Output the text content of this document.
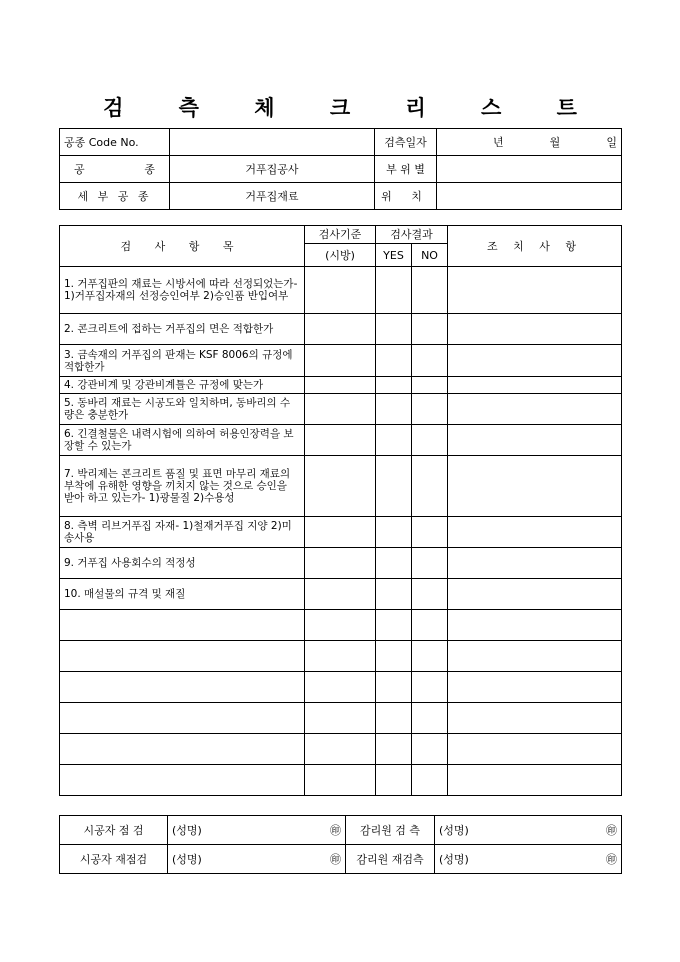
검 측 체 크 리 스 트
공종 Code No.		검측일자	년 월 일

공 종	거푸집공사	부 위 별	
세 부 공 종	거푸집재료	위 치	
검 사 항 목	검사기준	검사결과		조 치 사 항
	(시방)	YES	NO	
1. 거푸집판의 재료는 시방서에 따라 선정되었는가- 1)거푸집자재의 선정승인여부 2)승인품 반입여부				
2. 콘크리트에 접하는 거푸집의 면은 적합한가				
3. 금속재의 거푸집의 판재는 KSF 8006의 규정에 적합한가				
4. 강관비계 및 강관비계틀은 규정에 맞는가				
5. 동바리 재료는 시공도와 일치하며, 동바리의 수량은 충분한가				
6. 긴결철물은 내력시험에 의하여 허용인장력을 보장할 수 있는가				
7. 박리제는 콘크리트 품질 및 표면 마무리 재료의 부착에 유해한 영향을 끼치지 않는 것으로 승인을 받아 하고 있는가- 1)광물질 2)수용성				
8. 측벽 리브거푸집 자재- 1)철재거푸집 지양 2)미송사용				
9. 거푸집 사용회수의 적정성				
10. 매설물의 규격 및 재질				

시공자 점 검	(성명) ㊞	감리원 검 측	(성명) ㊞

시공자 재점검	(성명) ㊞	감리원 재검측	(성명) ㊞
